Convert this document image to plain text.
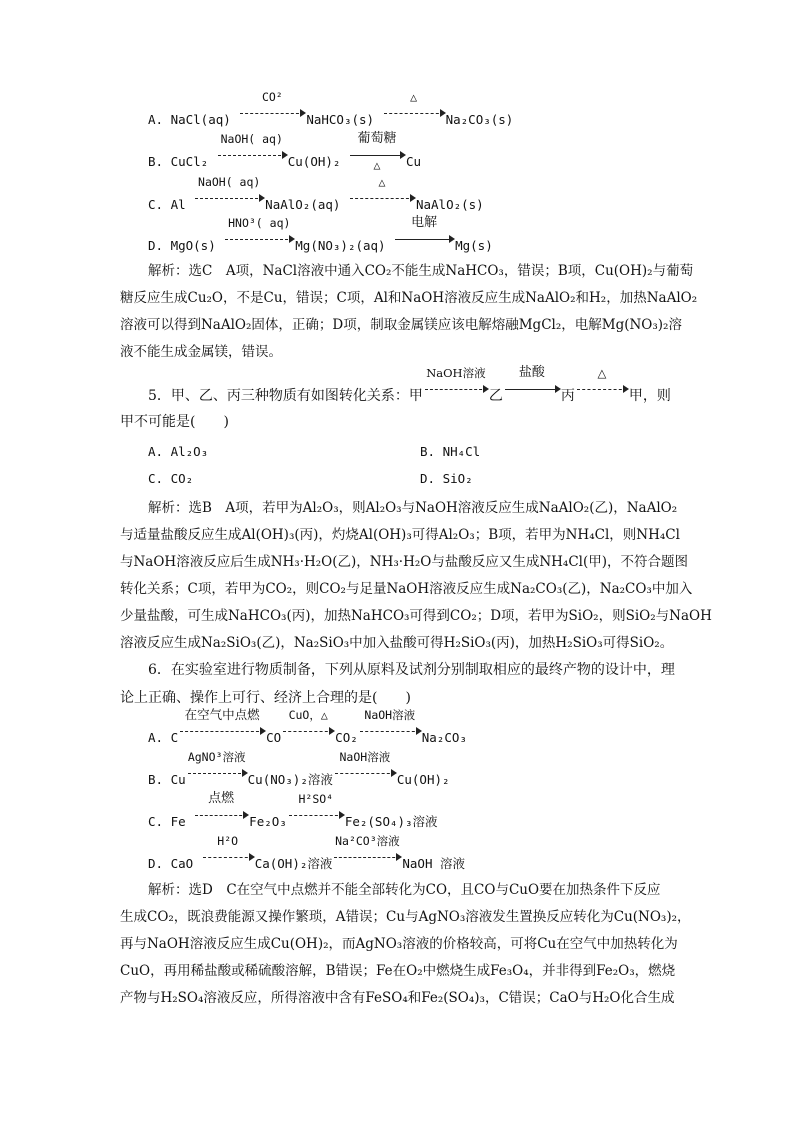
A. NaCl(aq)
CO²
NaHCO₃(s)
△
Na₂CO₃(s)
B. CuCl₂
NaOH( aq)
Cu(OH)₂
葡萄糖
△	Cu
C. Al
NaOH( aq)
NaAlO₂(aq)
△
NaAlO₂(s)
D. MgO(s)
HNO³( aq)
Mg(NO₃)₂(aq)
电解
Mg(s)
解析：选C　A项，NaCl溶液中通入CO₂不能生成NaHCO₃，错误；B项，Cu(OH)₂与葡萄
糖反应生成Cu₂O，不是Cu，错误；C项，Al和NaOH溶液反应生成NaAlO₂和H₂，加热NaAlO₂
溶液可以得到NaAlO₂固体，正确；D项，制取金属镁应该电解熔融MgCl₂，电解Mg(NO₃)₂溶
液不能生成金属镁，错误。
5．甲、乙、丙三种物质有如图转化关系：甲
NaOH溶液
乙
盐酸
丙
△
甲，则
甲不可能是(　　)
A. Al₂O₃	B. NH₄Cl
C. CO₂	D. SiO₂
解析：选B　A项，若甲为Al₂O₃，则Al₂O₃与NaOH溶液反应生成NaAlO₂(乙)，NaAlO₂
与适量盐酸反应生成Al(OH)₃(丙)，灼烧Al(OH)₃可得Al₂O₃；B项，若甲为NH₄Cl，则NH₄Cl
与NaOH溶液反应后生成NH₃·H₂O(乙)，NH₃·H₂O与盐酸反应又生成NH₄Cl(甲)，不符合题图
转化关系；C项，若甲为CO₂，则CO₂与足量NaOH溶液反应生成Na₂CO₃(乙)，Na₂CO₃中加入
少量盐酸，可生成NaHCO₃(丙)，加热NaHCO₃可得到CO₂；D项，若甲为SiO₂，则SiO₂与NaOH
溶液反应生成Na₂SiO₃(乙)，Na₂SiO₃中加入盐酸可得H₂SiO₃(丙)，加热H₂SiO₃可得SiO₂。
6．在实验室进行物质制备，下列从原料及试剂分别制取相应的最终产物的设计中，理
论上正确、操作上可行、经济上合理的是(　　)
A. C
在空气中点燃
CO
CuO，△
CO₂
NaOH溶液
Na₂CO₃
B. Cu
AgNO³溶液
Cu(NO₃)₂溶液
NaOH溶液
Cu(OH)₂
C. Fe
点燃
Fe₂O₃
H²SO⁴
Fe₂(SO₄)₃溶液
D. CaO
H²O
Ca(OH)₂溶液
Na²CO³溶液
NaOH 溶液
解析：选D　C在空气中点燃并不能全部转化为CO，且CO与CuO要在加热条件下反应
生成CO₂，既浪费能源又操作繁琐，A错误；Cu与AgNO₃溶液发生置换反应转化为Cu(NO₃)₂，
再与NaOH溶液反应生成Cu(OH)₂，而AgNO₃溶液的价格较高，可将Cu在空气中加热转化为
CuO，再用稀盐酸或稀硫酸溶解，B错误；Fe在O₂中燃烧生成Fe₃O₄，并非得到Fe₂O₃，燃烧
产物与H₂SO₄溶液反应，所得溶液中含有FeSO₄和Fe₂(SO₄)₃，C错误；CaO与H₂O化合生成
